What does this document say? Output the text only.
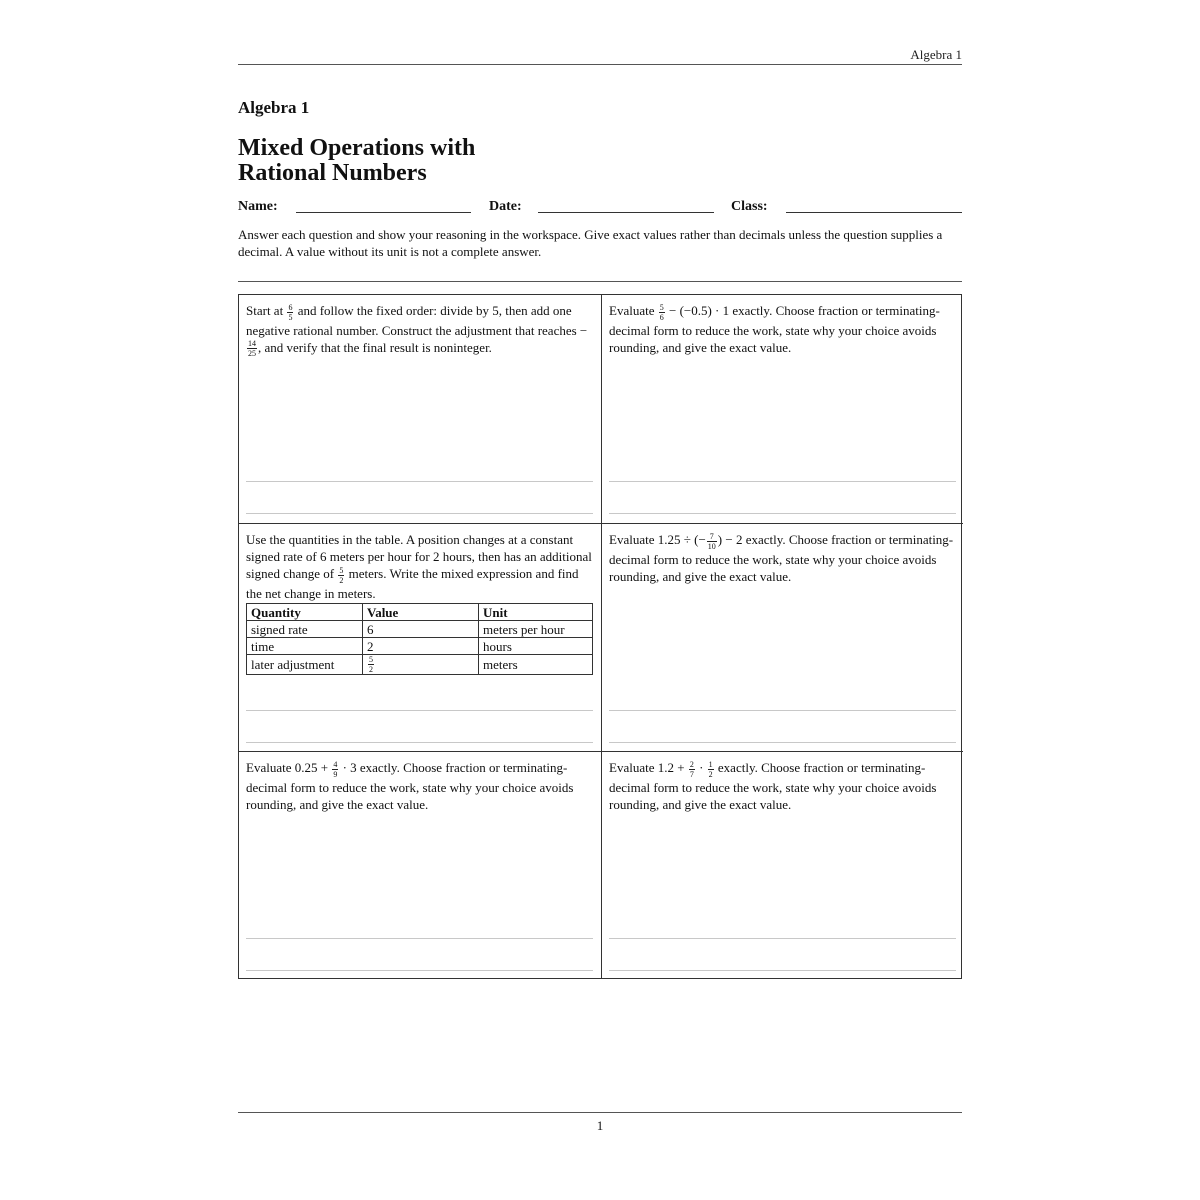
Algebra 1
Algebra 1
Mixed Operations with
Rational Numbers
Name:	Date:	Class:

Answer each question and show your reasoning in the workspace. Give exact values rather than decimals unless the question supplies a decimal. A value without its unit is not a complete answer.

Start at $\frac{6}{5}$ and follow the fixed order: divide by 5, then add one negative rational number. Construct the adjustment that reaches −
$\frac{14}{25}$ , and verify that the final result is noninteger.

Evaluate $\frac{5}{6} - (-0.5) \cdot 1$ exactly. Choose fraction or terminating-decimal form to reduce the work, state why your choice avoids rounding, and give the exact value.

Use the quantities in the table. A position changes at a constant signed rate of 6 meters per hour for 2 hours, then has an additional signed change of $\frac{5}{2}$ meters. Write the mixed expression and find the net change in meters.

Evaluate 1.25 ÷ (− $\frac{7}{10}$ ) − 2 exactly. Choose fraction or terminating-decimal form to reduce the work, state why your choice avoids rounding, and give the exact value.

Evaluate $0.25 + \frac{4}{9} \cdot 3$ exactly. Choose fraction or terminating-decimal form to reduce the work, state why your choice avoids rounding, and give the exact value.

Evaluate $1.2 + \frac{2}{7} \cdot \frac{1}{2}$ exactly. Choose fraction or terminating-decimal form to reduce the work, state why your choice avoids rounding, and give the exact value.

Quantity	Value	Unit
signed rate	6	meters per hour
time	2	hours
later adjustment	$\frac{5}{2}$	meters
1
